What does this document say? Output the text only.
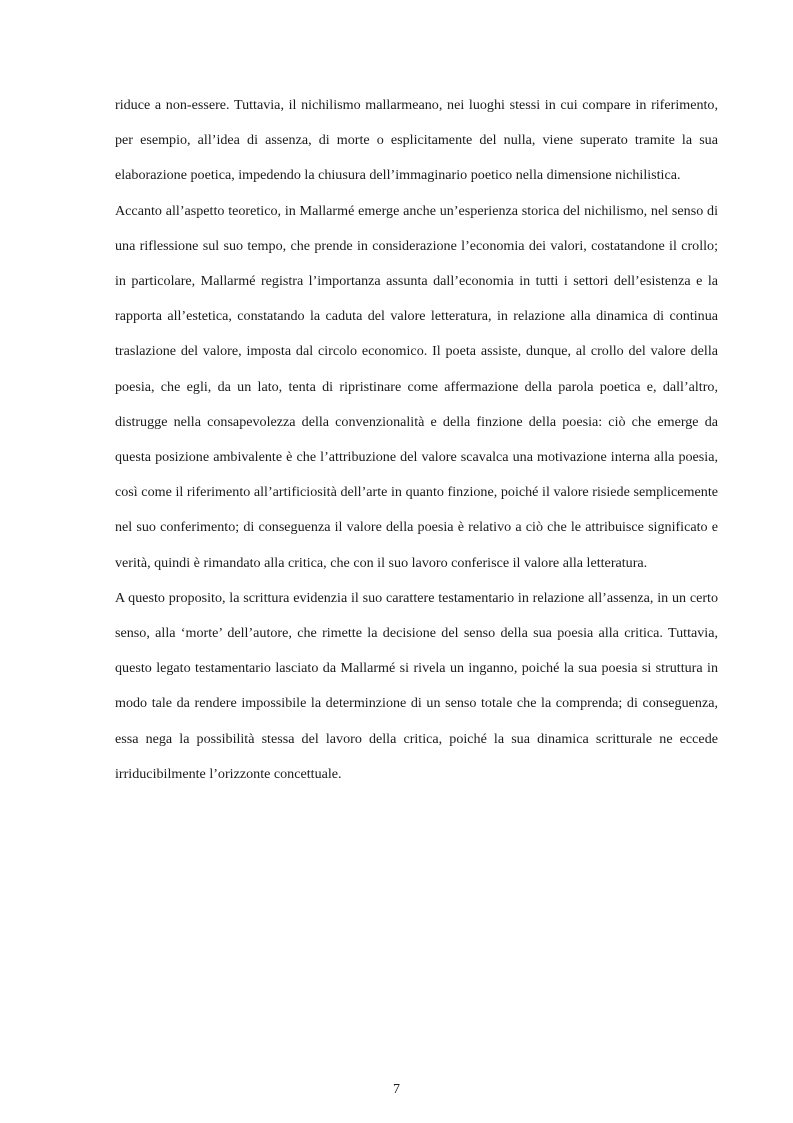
riduce a non-essere. Tuttavia, il nichilismo mallarmeano, nei luoghi stessi in cui compare in riferimento, per esempio, all’idea di assenza, di morte o esplicitamente del nulla, viene superato tramite la sua elaborazione poetica, impedendo la chiusura dell’immaginario poetico nella dimensione nichilistica.

Accanto all’aspetto teoretico, in Mallarmé emerge anche un’esperienza storica del nichilismo, nel senso di una riflessione sul suo tempo, che prende in considerazione l’economia dei valori, costatandone il crollo; in particolare, Mallarmé registra l’importanza assunta dall’economia in tutti i settori dell’esistenza e la rapporta all’estetica, constatando la caduta del valore letteratura, in relazione alla dinamica di continua traslazione del valore, imposta dal circolo economico. Il poeta assiste, dunque, al crollo del valore della poesia, che egli, da un lato, tenta di ripristinare come affermazione della parola poetica e, dall’altro, distrugge nella consapevolezza della convenzionalità e della finzione della poesia: ciò che emerge da questa posizione ambivalente è che l’attribuzione del valore scavalca una motivazione interna alla poesia, così come il riferimento all’artificiosità dell’arte in quanto finzione, poiché il valore risiede semplicemente nel suo conferimento; di conseguenza il valore della poesia è relativo a ciò che le attribuisce significato e verità, quindi è rimandato alla critica, che con il suo lavoro conferisce il valore alla letteratura.

A questo proposito, la scrittura evidenzia il suo carattere testamentario in relazione all’assenza, in un certo senso, alla ‘morte’ dell’autore, che rimette la decisione del senso della sua poesia alla critica. Tuttavia, questo legato testamentario lasciato da Mallarmé si rivela un inganno, poiché la sua poesia si struttura in modo tale da rendere impossibile la determinzione di un senso totale che la comprenda; di conseguenza, essa nega la possibilità stessa del lavoro della critica, poiché la sua dinamica scritturale ne eccede irriducibilmente l’orizzonte concettuale.

7
